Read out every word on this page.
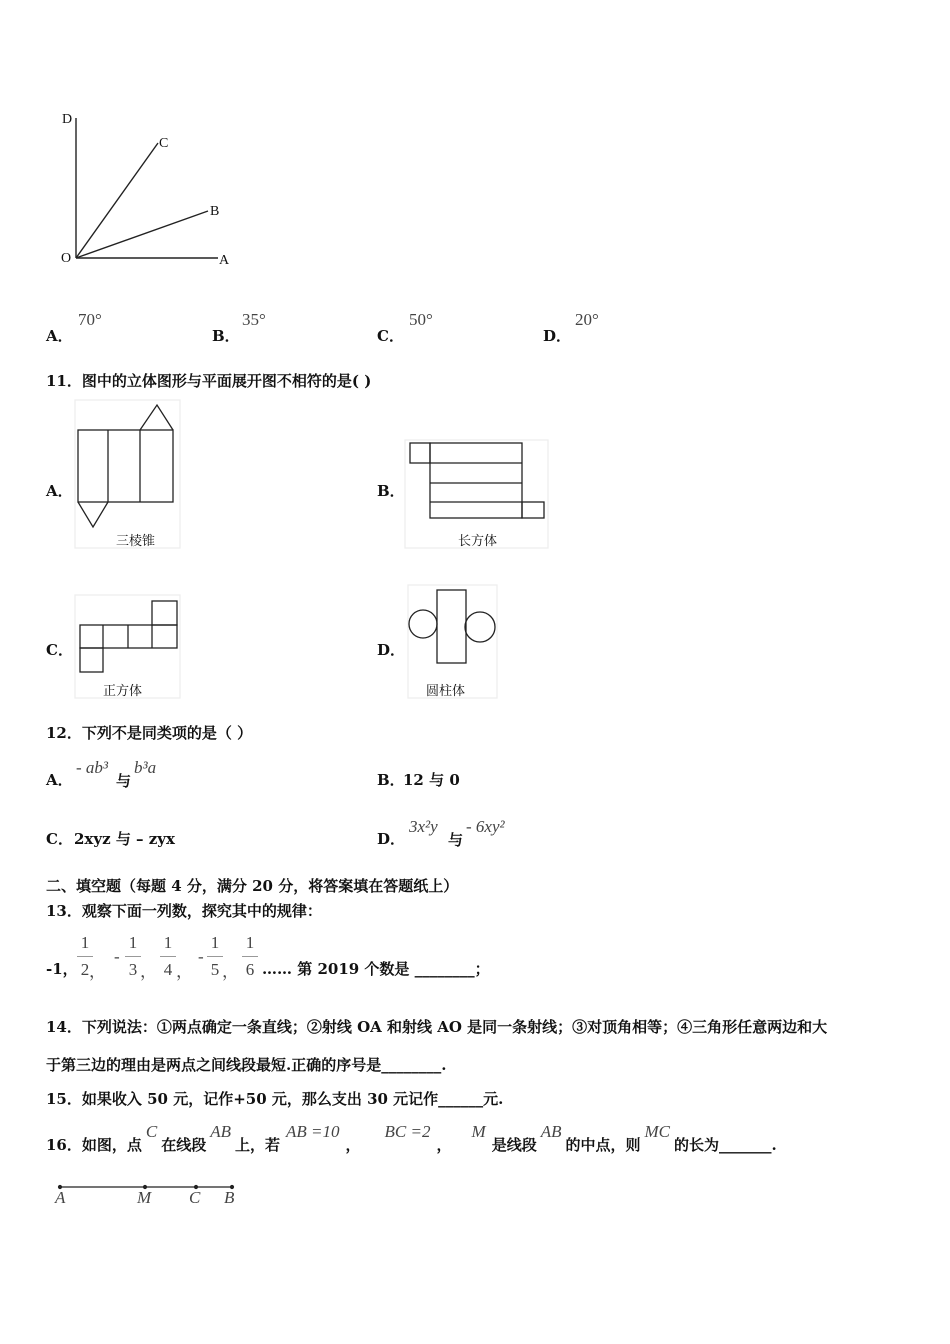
D
C
B
O	A
A．
70°
B．
35°
C．
50°
D．
20°
11．图中的立体图形与平面展开图不相符的是( )
A．
三棱锥
B．
长方体
C．
正方体
D．
圆柱体
12．下列不是同类项的是（ ）
A．
- ab³
与
b³a
B．
12 与 0
C． 2xyz 与 – zyx	D．
3x²y
与
- 6xy²
二、填空题（每题 4 分，满分 20 分，将答案填在答题纸上）
13．观察下面一列数，探究其中的规律：
-1，
-	-
$\frac{1}{2} \frac{1}{3} \frac{1}{4} \frac{1}{5} \frac{1}{6}$
， ， ， ， …… 第 2019 个数是 ________；
14．下列说法：①两点确定一条直线；②射线 OA 和射线 AO 是同一条射线；③对顶角相等；④三角形任意两边和大
于第三边的理由是两点之间线段最短.正确的序号是________.
15．如果收入 50 元，记作+50 元，那么支出 30 元记作______元.
16．如图，点
C
在线段
AB
上，若
AB =10
，
BC =2
，
M
是线段
AB
的中点，则
MC
的长为_______.
A	M C B
